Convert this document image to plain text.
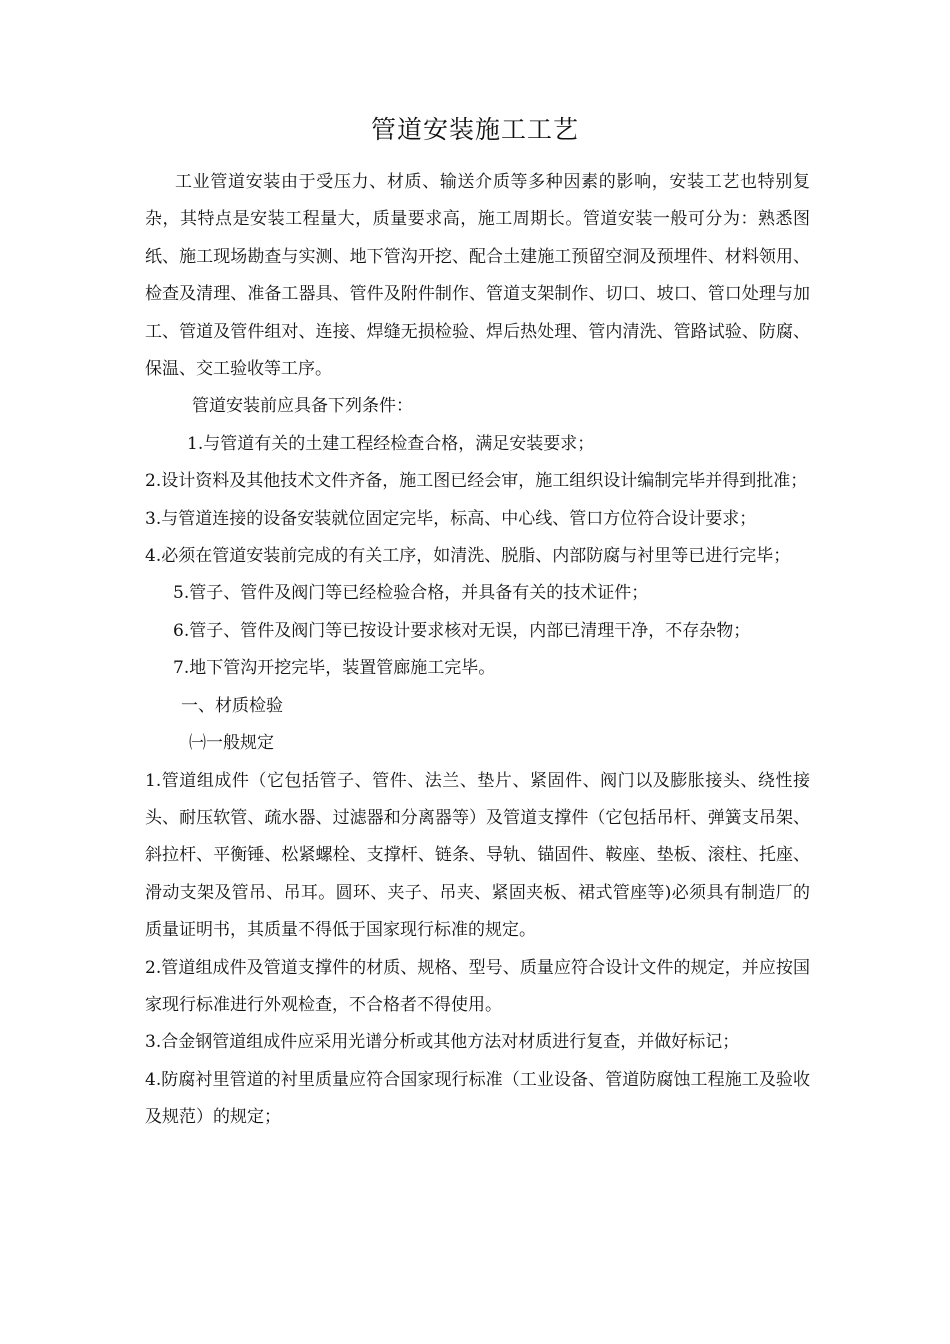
管道安装施工工艺

工业管道安装由于受压力、材质、输送介质等多种因素的影响，安装工艺也特别复杂，其特点是安装工程量大，质量要求高，施工周期长。管道安装一般可分为：熟悉图纸、施工现场勘查与实测、地下管沟开挖、配合土建施工预留空洞及预埋件、材料领用、检查及清理、准备工器具、管件及附件制作、管道支架制作、切口、坡口、管口处理与加工、管道及管件组对、连接、焊缝无损检验、焊后热处理、管内清洗、管路试验、防腐、保温、交工验收等工序。

管道安装前应具备下列条件：

1.与管道有关的土建工程经检查合格，满足安装要求；

2.设计资料及其他技术文件齐备，施工图已经会审，施工组织设计编制完毕并得到批准；

3.与管道连接的设备安装就位固定完毕，标高、中心线、管口方位符合设计要求；

4.必须在管道安装前完成的有关工序，如清洗、脱脂、内部防腐与衬里等已进行完毕；

5.管子、管件及阀门等已经检验合格，并具备有关的技术证件；

6.管子、管件及阀门等已按设计要求核对无误，内部已清理干净，不存杂物；

7.地下管沟开挖完毕，装置管廊施工完毕。

一、材质检验

㈠一般规定

1.管道组成件（它包括管子、管件、法兰、垫片、紧固件、阀门以及膨胀接头、绕性接头、耐压软管、疏水器、过滤器和分离器等）及管道支撑件（它包括吊杆、弹簧支吊架、斜拉杆、平衡锤、松紧螺栓、支撑杆、链条、导轨、锚固件、鞍座、垫板、滚柱、托座、滑动支架及管吊、吊耳。圆环、夹子、吊夹、紧固夹板、裙式管座等)必须具有制造厂的质量证明书，其质量不得低于国家现行标准的规定。

2.管道组成件及管道支撑件的材质、规格、型号、质量应符合设计文件的规定，并应按国家现行标准进行外观检查，不合格者不得使用。

3.合金钢管道组成件应采用光谱分析或其他方法对材质进行复查，并做好标记；

4.防腐衬里管道的衬里质量应符合国家现行标准（工业设备、管道防腐蚀工程施工及验收及规范）的规定；
